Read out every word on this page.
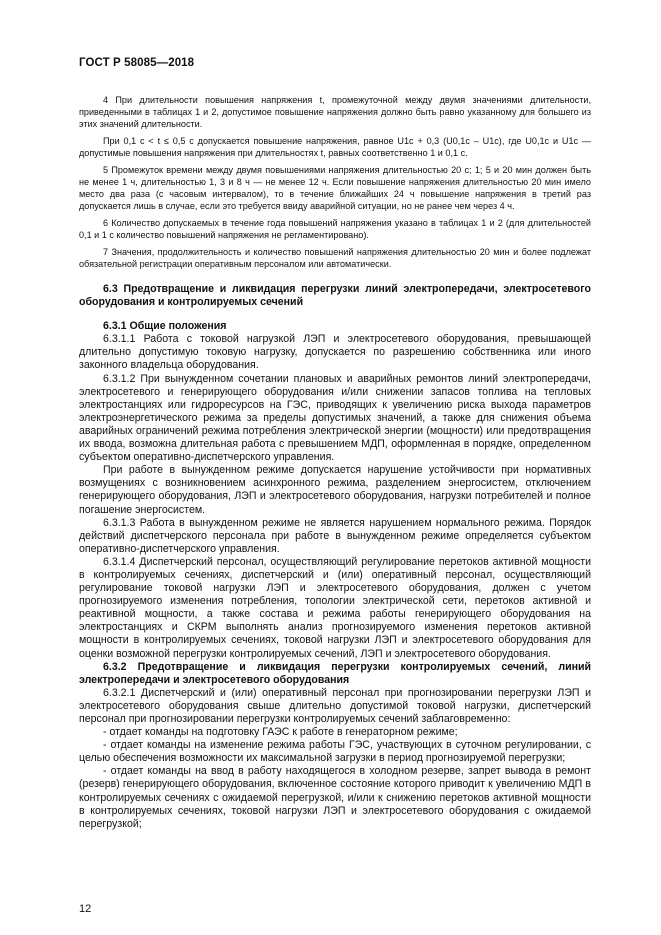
ГОСТ Р 58085—2018

4 При длительности повышения напряжения t, промежуточной между двумя значениями длительности, приведенными в таблицах 1 и 2, допустимое повышение напряжения должно быть равно указанному для большего из этих значений длительности.

При 0,1 с < t ≤ 0,5 с допускается повышение напряжения, равное U1с + 0,3 (U0,1с – U1с), где U0,1с и U1с — допустимые повышения напряжения при длительностях t, равных соответственно 1 и 0,1 с.

5 Промежуток времени между двумя повышениями напряжения длительностью 20 с; 1; 5 и 20 мин должен быть не менее 1 ч, длительностью 1, 3 и 8 ч — не менее 12 ч. Если повышение напряжения длительностью 20 мин имело место два раза (с часовым интервалом), то в течение ближайших 24 ч повышение напряжения в третий раз допускается лишь в случае, если это требуется ввиду аварийной ситуации, но не ранее чем через 4 ч.

6 Количество допускаемых в течение года повышений напряжения указано в таблицах 1 и 2 (для длительностей 0,1 и 1 с количество повышений напряжения не регламентировано).

7 Значения, продолжительность и количество повышений напряжения длительностью 20 мин и более подлежат обязательной регистрации оперативным персоналом или автоматически.

6.3 Предотвращение и ликвидация перегрузки линий электропередачи, электросетевого оборудования и контролируемых сечений

6.3.1 Общие положения

6.3.1.1 Работа с токовой нагрузкой ЛЭП и электросетевого оборудования, превышающей длительно допустимую токовую нагрузку, допускается по разрешению собственника или иного законного владельца оборудования.

6.3.1.2 При вынужденном сочетании плановых и аварийных ремонтов линий электропередачи, электросетевого и генерирующего оборудования и/или снижении запасов топлива на тепловых электростанциях или гидроресурсов на ГЭС, приводящих к увеличению риска выхода параметров электроэнергетического режима за пределы допустимых значений, а также для снижения объема аварийных ограничений режима потребления электрической энергии (мощности) или предотвращения их ввода, возможна длительная работа с превышением МДП, оформленная в порядке, определенном субъектом оперативно-диспетчерского управления.

При работе в вынужденном режиме допускается нарушение устойчивости при нормативных возмущениях с возникновением асинхронного режима, разделением энергосистем, отключением генерирующего оборудования, ЛЭП и электросетевого оборудования, нагрузки потребителей и полное погашение энергосистем.

6.3.1.3 Работа в вынужденном режиме не является нарушением нормального режима. Порядок действий диспетчерского персонала при работе в вынужденном режиме определяется субъектом оперативно-диспетчерского управления.

6.3.1.4 Диспетчерский персонал, осуществляющий регулирование перетоков активной мощности в контролируемых сечениях, диспетчерский и (или) оперативный персонал, осуществляющий регулирование токовой нагрузки ЛЭП и электросетевого оборудования, должен с учетом прогнозируемого изменения потребления, топологии электрической сети, перетоков активной и реактивной мощности, а также состава и режима работы генерирующего оборудования на электростанциях и СКРМ выполнять анализ прогнозируемого изменения перетоков активной мощности в контролируемых сечениях, токовой нагрузки ЛЭП и электросетевого оборудования для оценки возможной перегрузки контролируемых сечений, ЛЭП и электросетевого оборудования.

6.3.2 Предотвращение и ликвидация перегрузки контролируемых сечений, линий электропередачи и электросетевого оборудования

6.3.2.1 Диспетчерский и (или) оперативный персонал при прогнозировании перегрузки ЛЭП и электросетевого оборудования свыше длительно допустимой токовой нагрузки, диспетчерский персонал при прогнозировании перегрузки контролируемых сечений заблаговременно:

- отдает команды на подготовку ГАЭС к работе в генераторном режиме;

- отдает команды на изменение режима работы ГЭС, участвующих в суточном регулировании, с целью обеспечения возможности их максимальной загрузки в период прогнозируемой перегрузки;

- отдает команды на ввод в работу находящегося в холодном резерве, запрет вывода в ремонт (резерв) генерирующего оборудования, включенное состояние которого приводит к увеличению МДП в контролируемых сечениях с ожидаемой перегрузкой, и/или к снижению перетоков активной мощности в контролируемых сечениях, токовой нагрузки ЛЭП и электросетевого оборудования с ожидаемой перегрузкой;

12
